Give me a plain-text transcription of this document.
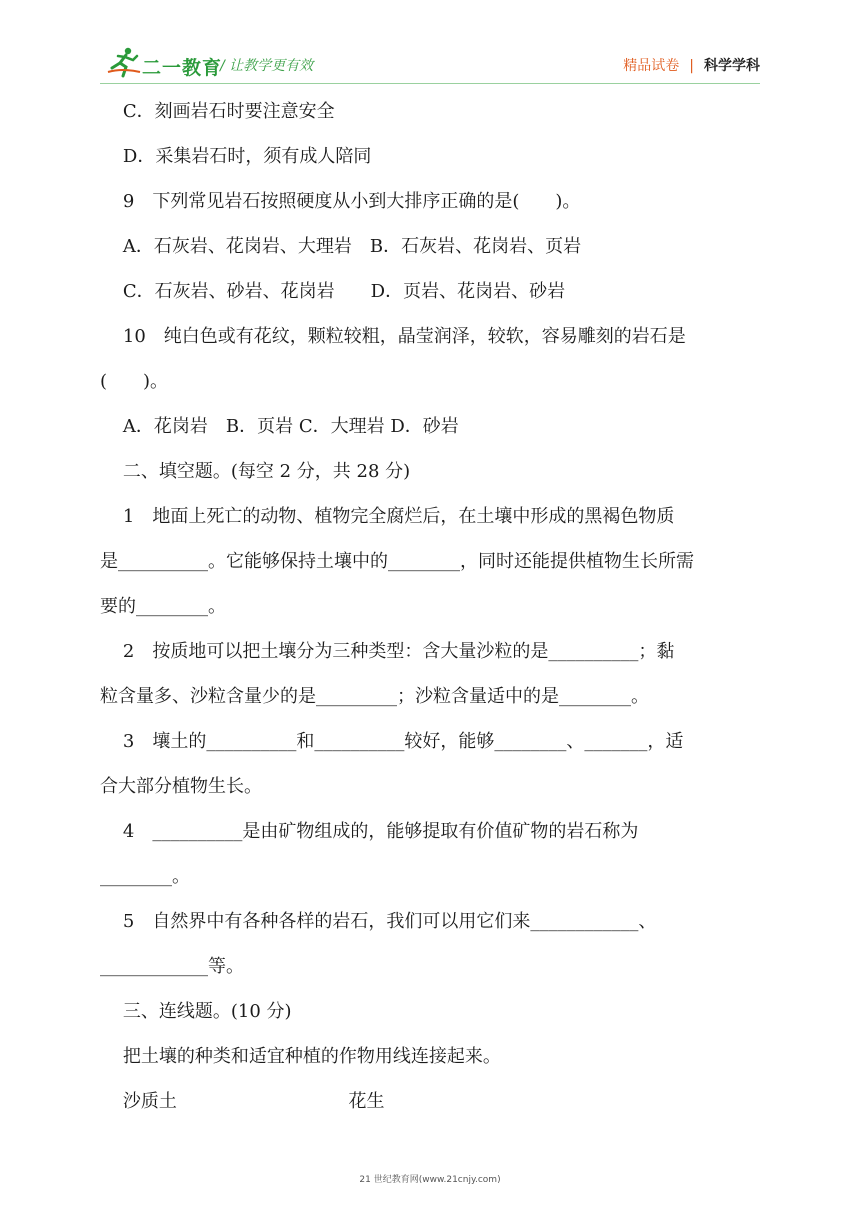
二一教育
/ 让教学更有效	精品试卷 | 科学学科
C．刻画岩石时要注意安全
D．采集岩石时，须有成人陪同
9　下列常见岩石按照硬度从小到大排序正确的是(　　)。
A．石灰岩、花岗岩、大理岩　B．石灰岩、花岗岩、页岩
C．石灰岩、砂岩、花岗岩　　D．页岩、花岗岩、砂岩
10　纯白色或有花纹，颗粒较粗，晶莹润泽，较软，容易雕刻的岩石是
(　　)。
A．花岗岩　B．页岩 C．大理岩 D．砂岩
二、填空题。(每空 2 分，共 28 分)
1　地面上死亡的动物、植物完全腐烂后，在土壤中形成的黑褐色物质
是__________。它能够保持土壤中的________，同时还能提供植物生长所需
要的________。
2　按质地可以把土壤分为三种类型：含大量沙粒的是__________；黏
粒含量多、沙粒含量少的是_________；沙粒含量适中的是________。
3　壤土的__________和__________较好，能够________、_______，适
合大部分植物生长。
4　__________是由矿物组成的，能够提取有价值矿物的岩石称为
________。
5　自然界中有各种各样的岩石，我们可以用它们来____________、
____________等。
三、连线题。(10 分)
把土壤的种类和适宜种植的作物用线连接起来。
沙质土                              花生
21 世纪教育网(www.21cnjy.com)
